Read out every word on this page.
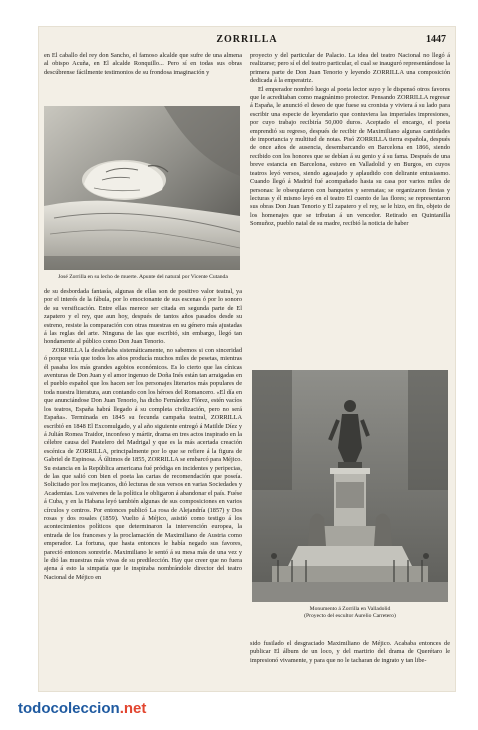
ZORRILLA	1447

en El caballo del rey don Sancho, el famoso alcalde que sufre de una almena al obispo Acuña, en El alcalde Ronquillo... Pero sí en todas sus obras descúbrense fácilmente testimonios de su frondosa imaginación y

José Zorrilla en su lecho de muerte. Apunte del natural por Vicente Cutanda

de su desbordada fantasía, algunas de ellas son de positivo valor teatral, ya por el interés de la fábula, por lo emocionante de sus escenas ó por lo sonoro de su versificación. Entre ellas merece ser citada en segunda parte de El zapatero y el rey, que aun hoy, después de tantos años pasados desde su estreno, resiste la comparación con otras muestras en su género más ajustadas á las reglas del arte. Ninguna de las que escribió, sin embargo, llegó tan hondamente al público como Don Juan Tenorio.

ZORRILLA la desdeñaba sistemáticamente, no sabemos si con sinceridad ó porque veía que todos los años producía muchos miles de pesetas, mientras él pasaba los más grandes agobios económicos. Es lo cierto que las cínicas aventuras de Don Juan y el amor ingenuo de Doña Inés están tan arraigadas en el pueblo español que los hacen ser los personajes literarios más populares de toda nuestra literatura, aun contando con los héroes del Romancero. «El día en que anunciándose Don Juan Tenorio, ha dicho Fernández Flórez, estén vacíos los teatros, España habrá llegado á su completa civilización, pero no será España». Terminada en 1845 su fecunda campaña teatral, ZORRILLA escribió en 1848 El Excomulgado, y al año siguiente entregó á Matilde Díez y á Julián Romea Traidor, inconfeso y mártir, drama en tres actos inspirado en la célebre causa del Pastelero del Madrigal y que es la más acertada creación escénica de ZORRILLA, principalmente por lo que se refiere á la figura de Gabriel de Espinosa. Á últimos de 1855, ZORRILLA se embarcó para Méjico. Su estancia en la República americana fué pródiga en incidentes y peripecias, de las que salió con bien el poeta las cartas de recomendación que poseía. Solicitado por los mejicanos, dió lecturas de sus versos en varias Sociedades y Academias. Los vaivenes de la política le obligaron á abandonar el país. Fuése á Cuba, y en la Habana leyó también algunas de sus composiciones en varios círculos y centros. Por entonces publicó La rosa de Alejandría (1857) y Dos rosas y dos rosales (1859). Vuelto á Méjico, asistió como testigo á los acontecimientos políticos que determinaron la intervención europea, la entrada de los franceses y la proclamación de Maximiliano de Austria como emperador. La fortuna, que hasta entonces le había negado sus favores, pareció entonces sonreirle. Maximiliano le sentó á su mesa más de una vez y le dió las muestras más vivas de su predilección. Hay que creer que no fuera ajena á esto la simpatía que le inspiraba nombrándole director del teatro Nacional de Méjico en

proyecto y del particular de Palacio. La idea del teatro Nacional no llegó á realizarse; pero sí el del teatro particular, el cual se inauguró representándose la primera parte de Don Juan Tenorio y leyendo ZORRILLA una composición dedicada á la emperatriz.

El emperador nombró luego al poeta lector suyo y le dispensó otros favores que le acreditaban como magnánimo protector. Pensando ZORRILLA regresar á España, le anunció el deseo de que fuese su cronista y viviera á su lado para escribir una especie de leyendario que contuviera las imperiales impresiones, por cuyo trabajo recibiría 50,000 duros. Aceptado el encargo, el poeta emprendió su regreso, después de recibir de Maximiliano algunas cantidades de importancia y multitud de notas. Pisó ZORRILLA tierra española, después de once años de ausencia, desembarcando en Barcelona en 1866, siendo recibido con los honores que se debían á su genio y á su fama. Después de una breve estancia en Barcelona, estuvo en Valladolid y en Burgos, en cuyos teatros leyó versos, siendo agasajado y aplaudido con delirante entusiasmo. Cuando llegó á Madrid fué acompañado hasta su casa por varios miles de personas: le obsequiaron con banquetes y serenatas; se organizaron fiestas y lecturas y él mismo leyó en el teatro El cuento de las flores; se representaron sus obras Don Juan Tenorio y El zapatero y el rey, se le hizo, en fin, objeto de los homenajes que se tributan á un vencedor. Retirado en Quintanilla Somuñoz, pueblo natal de su madre, recibió la noticia de haber

Monumento á Zorrilla en Valladolid
(Proyecto del escultor Aurelio Carretero)

sido fusilado el desgraciado Maximiliano de Méjico. Acababa entonces de publicar El álbum de un loco, y del martirio del drama de Querétaro le impresionó vivamente, y para que no le tacharan de ingrato y tan libe-

todocoleccion.net
